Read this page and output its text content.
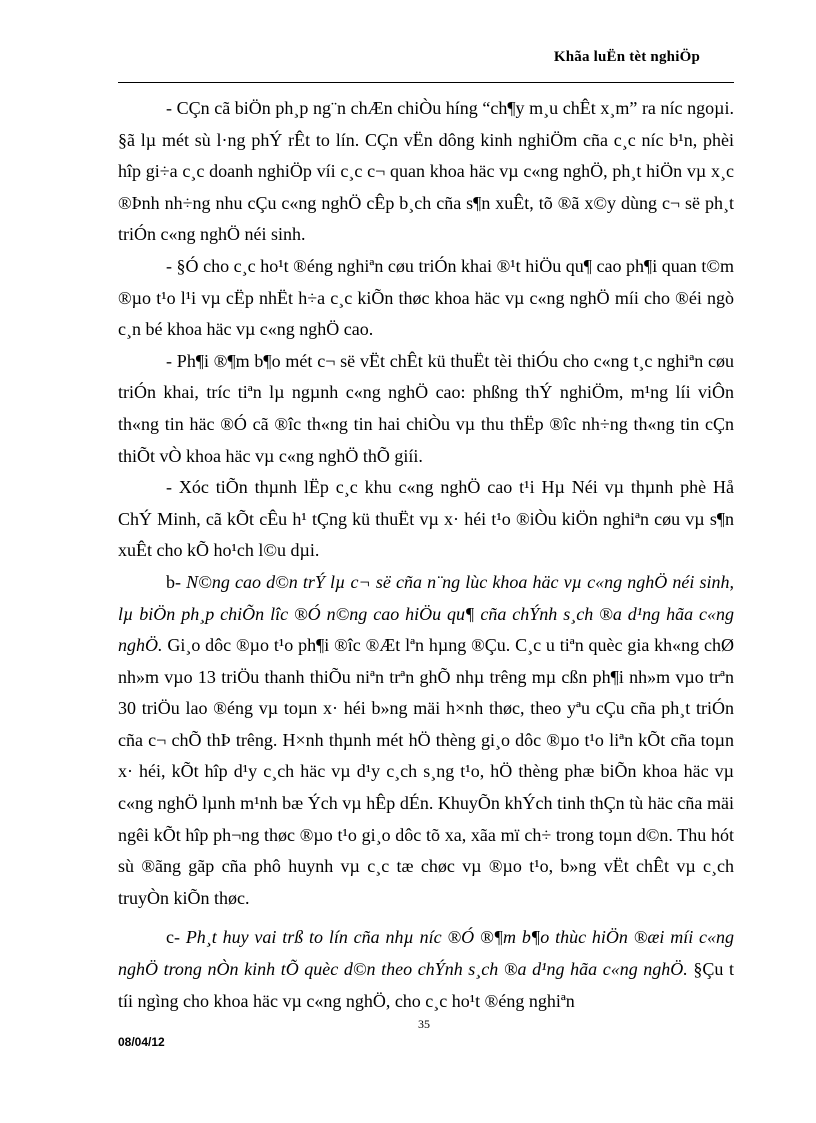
Khãa luËn tèt nghiÖp

- CÇn cã biÖn ph¸p ng¨n chÆn chiÒu híng “ch¶y m¸u chÊt x¸m” ra níc ngoµi. §ã lµ mét sù l·ng phÝ rÊt to lín. CÇn vËn dông kinh nghiÖm cña c¸c níc b¹n, phèi hîp gi÷a c¸c doanh nghiÖp víi c¸c c¬ quan khoa häc vµ c«ng nghÖ, ph¸t hiÖn vµ x¸c ®Þnh nh÷ng nhu cÇu c«ng nghÖ cÊp b¸ch cña s¶n xuÊt, tõ ®ã x©y dùng c¬ së ph¸t triÓn c«ng nghÖ néi sinh.

- §Ó cho c¸c ho¹t ®éng nghiªn cøu triÓn khai ®¹t hiÖu qu¶ cao ph¶i quan t©m ®µo t¹o l¹i vµ cËp nhËt h÷a c¸c kiÕn thøc khoa häc vµ c«ng nghÖ míi cho ®éi ngò c¸n bé khoa häc vµ c«ng nghÖ cao.

- Ph¶i ®¶m b¶o mét c¬ së vËt chÊt kü thuËt tèi thiÓu cho c«ng t¸c nghiªn cøu triÓn khai, tríc tiªn lµ ngµnh c«ng nghÖ cao: phßng thÝ nghiÖm, m¹ng líi viÔn th«ng tin häc ®Ó cã ®îc th«ng tin hai chiÒu vµ thu thËp ®îc nh÷ng th«ng tin cÇn thiÕt vÒ khoa häc vµ c«ng nghÖ thÕ giíi.

- Xóc tiÕn thµnh lËp c¸c khu c«ng nghÖ cao t¹i Hµ Néi vµ thµnh phè Hå ChÝ Minh, cã kÕt cÊu h¹ tÇng kü thuËt vµ x· héi t¹o ®iÒu kiÖn nghiªn cøu vµ s¶n xuÊt cho kÕ ho¹ch l©u dµi.

b- N©ng cao d©n trÝ lµ c¬ së cña n¨ng lùc khoa häc vµ c«ng nghÖ néi sinh, lµ biÖn ph¸p chiÕn lîc ®Ó n©ng cao hiÖu qu¶ cña chÝnh s¸ch ®a d¹ng hãa c«ng nghÖ. Gi¸o dôc ®µo t¹o ph¶i ®îc ®Æt lªn hµng ®Çu. C¸c u tiªn quèc gia kh«ng chØ nh»m vµo 13 triÖu thanh thiÕu niªn trªn ghÕ nhµ trêng mµ cßn ph¶i nh»m vµo trªn 30 triÖu lao ®éng vµ toµn x· héi b»ng mäi h×nh thøc, theo yªu cÇu cña ph¸t triÓn cña c¬ chÕ thÞ trêng. H×nh thµnh mét hÖ thèng gi¸o dôc ®µo t¹o liªn kÕt cña toµn x· héi, kÕt hîp d¹y c¸ch häc vµ d¹y c¸ch s¸ng t¹o, hÖ thèng phæ biÕn khoa häc vµ c«ng nghÖ lµnh m¹nh bæ Ých vµ hÊp dÉn. KhuyÕn khÝch tinh thÇn tù häc cña mäi ngêi kÕt hîp ph¬ng thøc ®µo t¹o gi¸o dôc tõ xa, xãa mï ch÷ trong toµn d©n. Thu hót sù ®ãng gãp cña phô huynh vµ c¸c tæ chøc vµ ®µo t¹o, b»ng vËt chÊt vµ c¸ch truyÒn kiÕn thøc.

c- Ph¸t huy vai trß to lín cña nhµ níc ®Ó ®¶m b¶o thùc hiÖn ®æi míi c«ng nghÖ trong nÒn kinh tÕ quèc d©n theo chÝnh s¸ch ®a d¹ng hãa c«ng nghÖ. §Çu t tíi ngìng cho khoa häc vµ c«ng nghÖ, cho c¸c ho¹t ®éng nghiªn

35
08/04/12
